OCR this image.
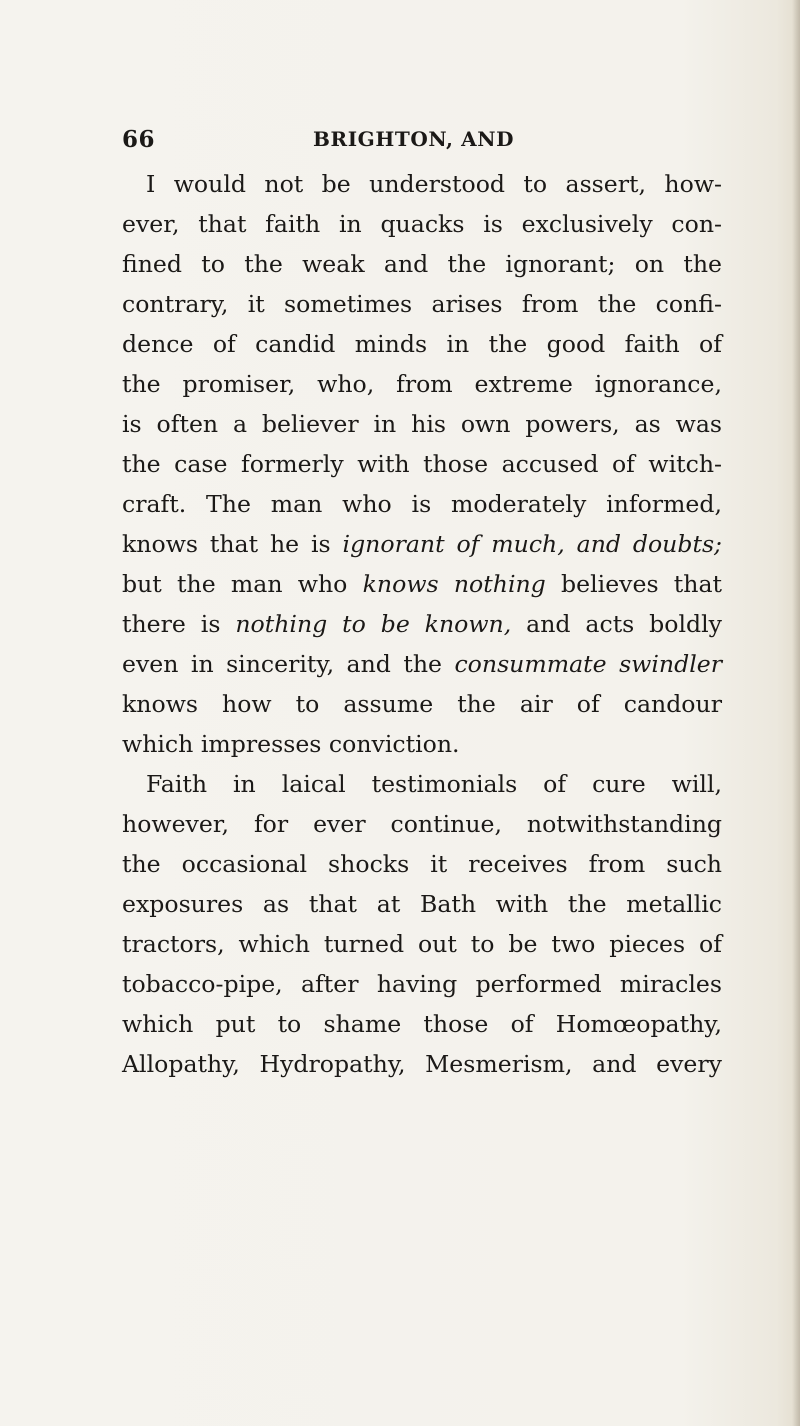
66	BRIGHTON, AND
I would not be understood to assert, how-
ever, that faith in quacks is exclusively con-
fined to the weak and the ignorant; on the
contrary, it sometimes arises from the confi-
dence of candid minds in the good faith of
the promiser, who, from extreme ignorance,
is often a believer in his own powers, as was
the case formerly with those accused of witch-
craft. The man who is moderately informed,
knows that he is ignorant of much, and doubts;
but the man who knows nothing believes that
there is nothing to be known, and acts boldly
even in sincerity, and the consummate swindler
knows how to assume the air of candour
which impresses conviction.
Faith in laical testimonials of cure will,
however, for ever continue, notwithstanding
the occasional shocks it receives from such
exposures as that at Bath with the metallic
tractors, which turned out to be two pieces of
tobacco-pipe, after having performed miracles
which put to shame those of Homœopathy,
Allopathy, Hydropathy, Mesmerism, and every
